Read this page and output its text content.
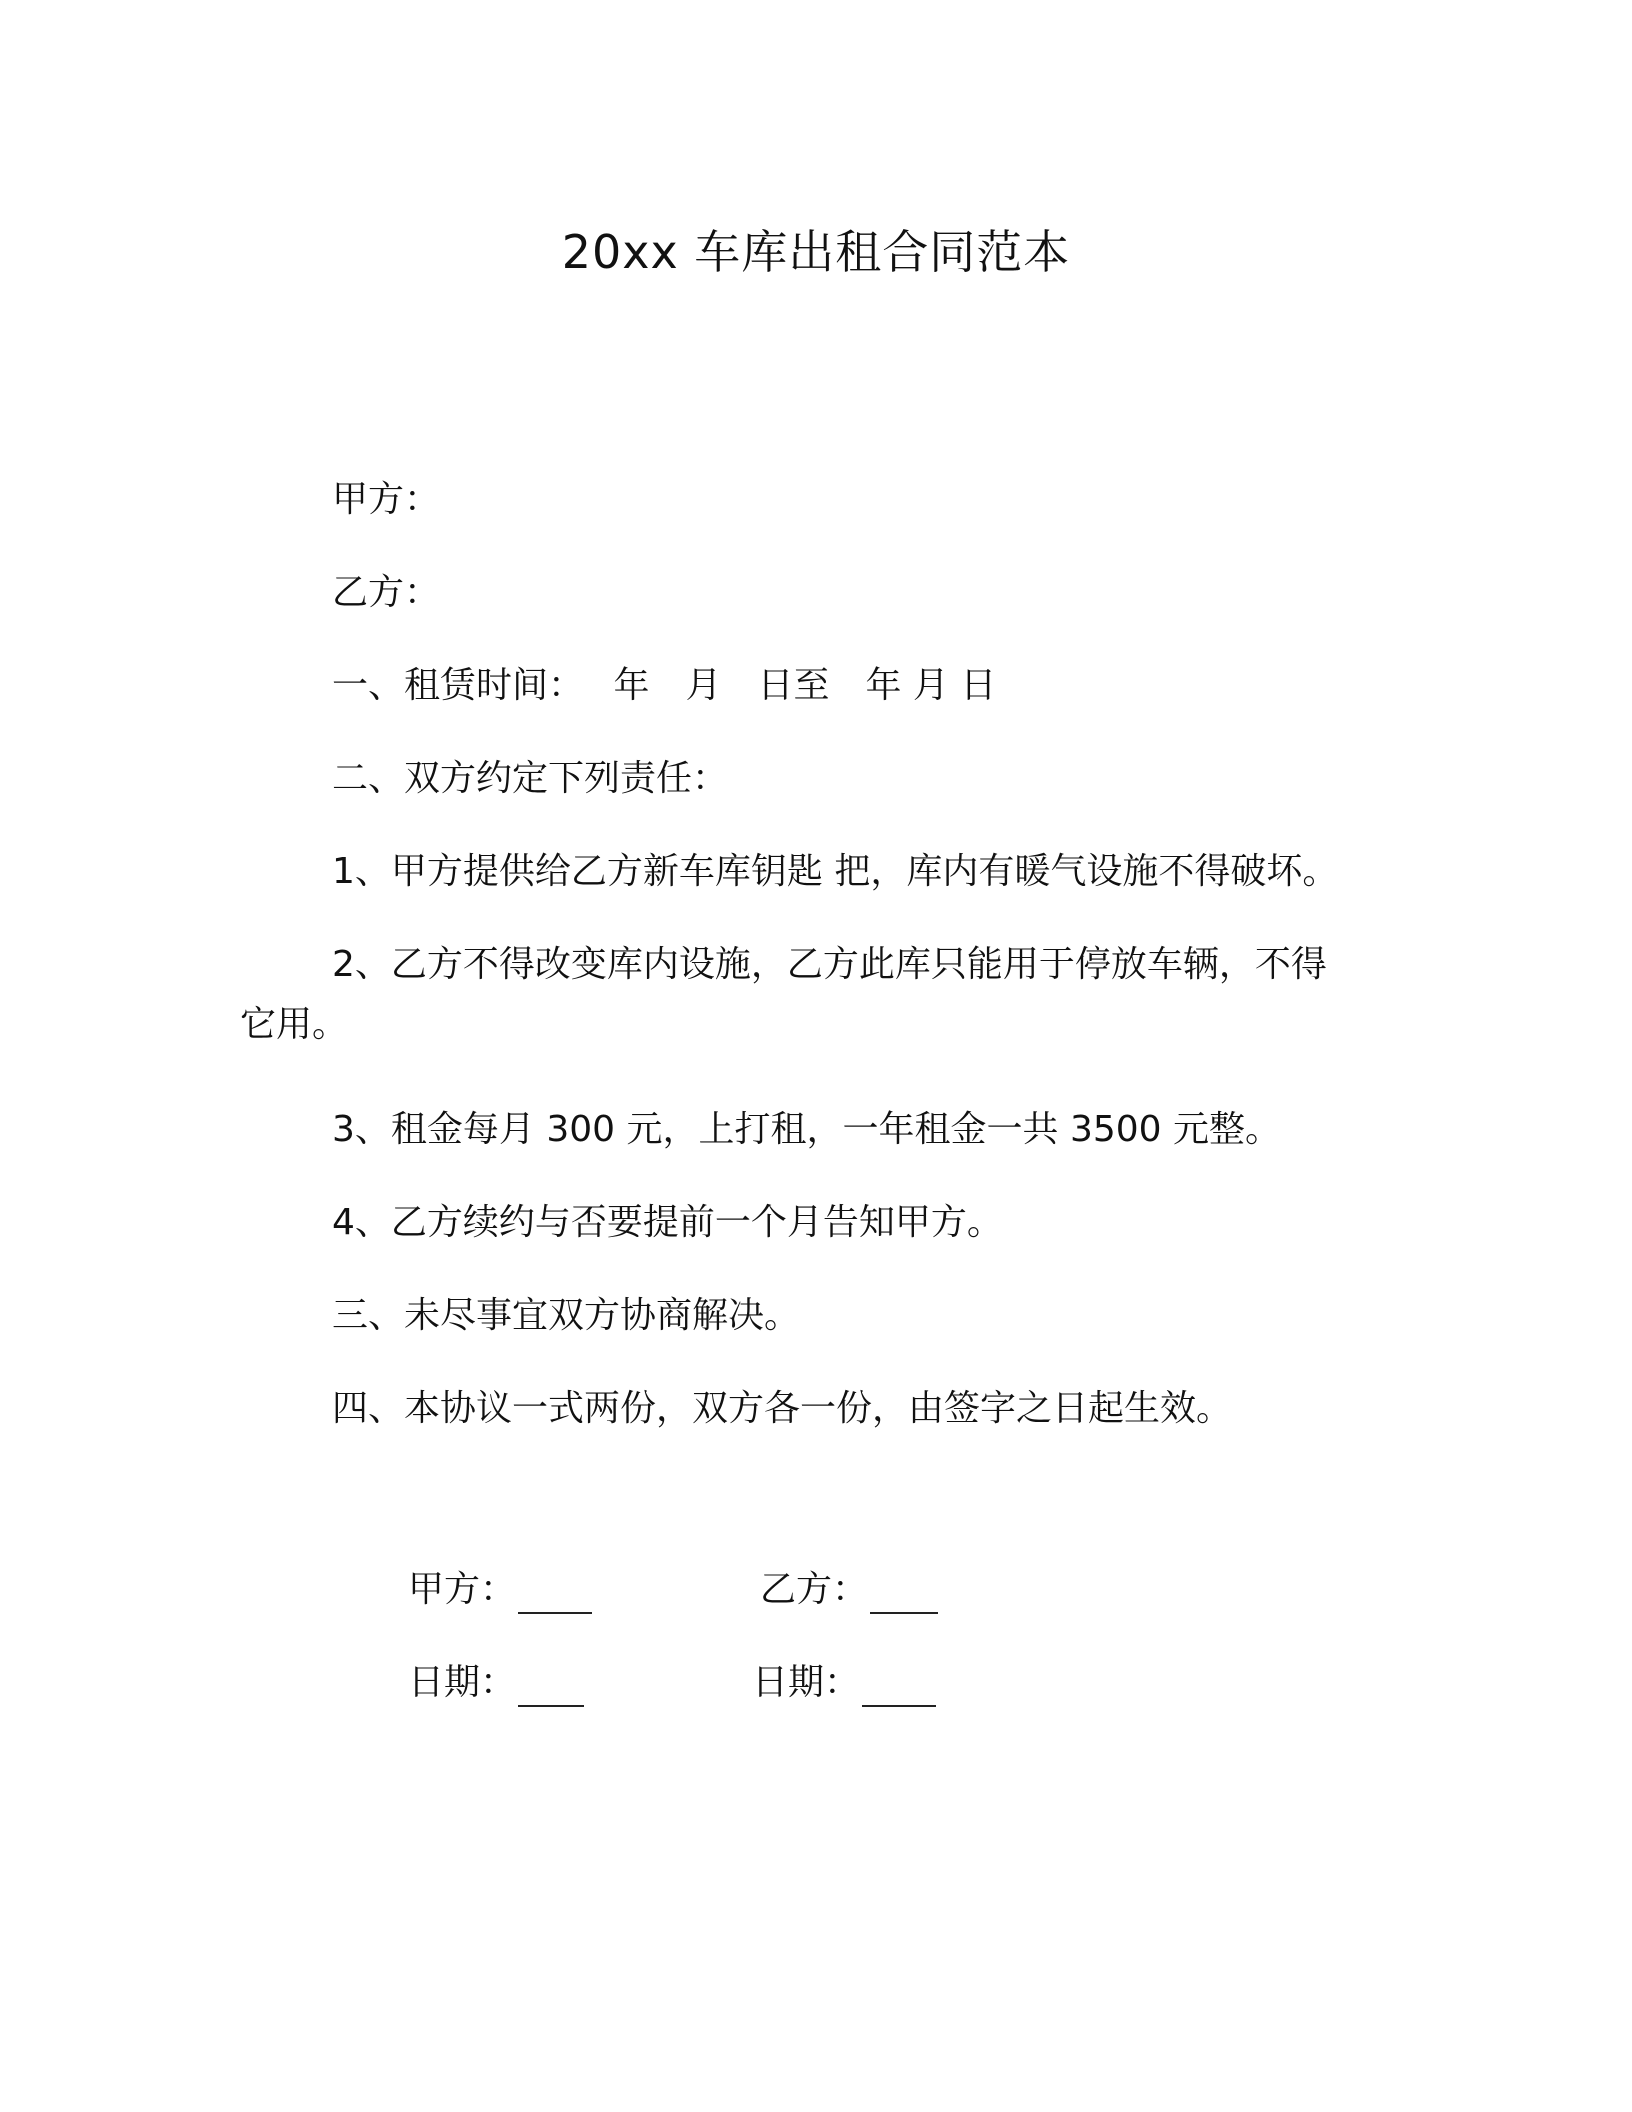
20xx 车库出租合同范本
甲方：
乙方：
一、租赁时间：　 年　月　日至　年 月 日
二、双方约定下列责任：
1、甲方提供给乙方新车库钥匙 把，库内有暖气设施不得破坏。
2、乙方不得改变库内设施，乙方此库只能用于停放车辆，不得它用。
3、租金每月 300 元，上打租，一年租金一共 3500 元整。
4、乙方续约与否要提前一个月告知甲方。
三、未尽事宜双方协商解决。
四、本协议一式两份，双方各一份，由签字之日起生效。
甲方：	乙方：
日期：	日期：
